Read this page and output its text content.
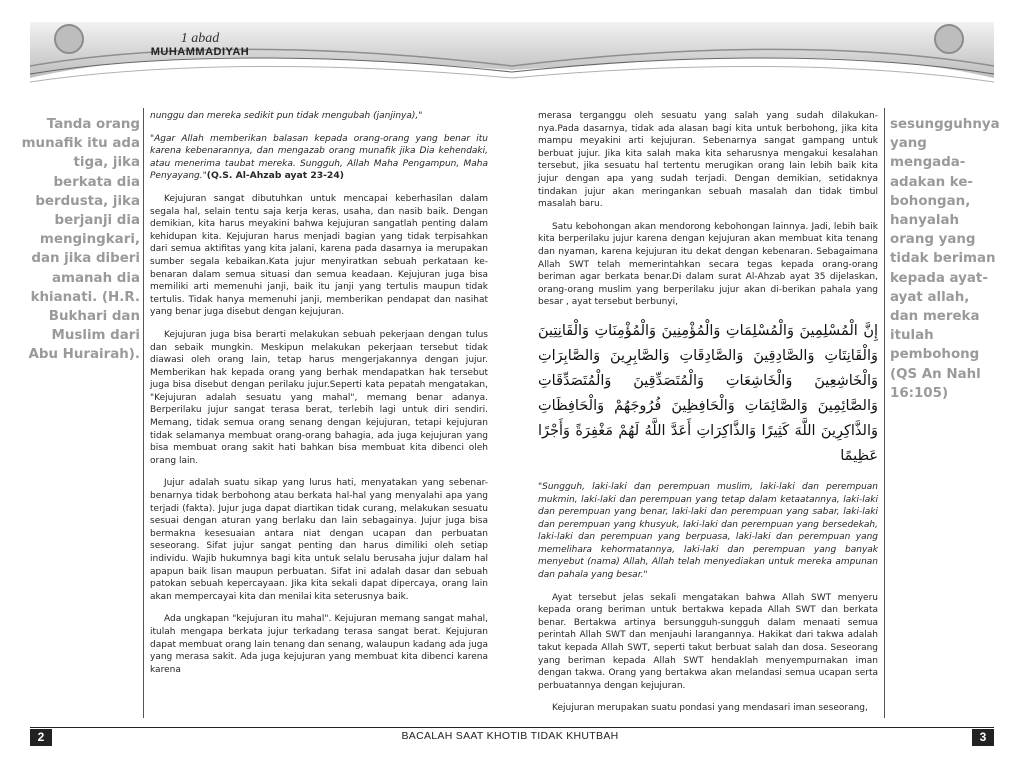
1 abad
MUHAMMADIYAH
Tanda orang munafik itu ada tiga, jika berkata dia berdusta, jika berjanji dia mengingkari, dan jika diberi amanah dia khianati. (H.R. Bukhari dan Muslim dari Abu Hurairah).
sesungguhnya yang mengada-adakan ke-bohongan, hanyalah orang yang tidak beriman kepada ayat-ayat allah, dan mereka itulah pembohong (QS An Nahl 16:105)

nunggu dan mereka sedikit pun tidak mengubah (janjinya),"

"Agar Allah memberikan balasan kepada orang-orang yang benar itu karena kebenarannya, dan mengazab orang munafik jika Dia kehendaki, atau menerima taubat mereka. Sungguh, Allah Maha Pengampun, Maha Penyayang."(Q.S. Al-Ahzab ayat 23-24)

Kejujuran sangat dibutuhkan untuk mencapai keberhasilan dalam segala hal, selain tentu saja kerja keras, usaha, dan nasib baik. Dengan demikian, kita harus meyakini bahwa kejujuran sangatlah penting dalam kehidupan kita. Kejujuran harus menjadi bagian yang tidak terpisahkan dari semua aktifitas yang kita jalani, karena pada dasarnya ia merupakan sumber segala kebaikan.Kata jujur menyiratkan sebuah perkataan ke-benaran dalam semua situasi dan semua keadaan. Kejujuran juga bisa memiliki arti memenuhi janji, baik itu janji yang tertulis maupun tidak tertulis. Tidak hanya memenuhi janji, memberikan pendapat dan nasihat yang benar juga disebut dengan kejujuran.

Kejujuran juga bisa berarti melakukan sebuah pekerjaan dengan tulus dan sebaik mungkin. Meskipun melakukan pekerjaan tersebut tidak diawasi oleh orang lain, tetap harus mengerjakannya dengan jujur. Memberikan hak kepada orang yang berhak mendapatkan hak tersebut juga bisa disebut dengan perilaku jujur.Seperti kata pepatah mengatakan, "Kejujuran adalah sesuatu yang mahal", memang benar adanya. Berperilaku jujur sangat terasa berat, terlebih lagi untuk diri sendiri. Memang, tidak semua orang senang dengan kejujuran, tetapi kejujuran tidak selamanya membuat orang-orang bahagia, ada juga kejujuran yang bisa membuat orang sakit hati bahkan bisa membuat kita dibenci oleh orang lain.

Jujur adalah suatu sikap yang lurus hati, menyatakan yang sebenar-benarnya tidak berbohong atau berkata hal-hal yang menyalahi apa yang terjadi (fakta). Jujur juga dapat diartikan tidak curang, melakukan sesuatu sesuai dengan aturan yang berlaku dan lain sebagainya. Jujur juga bisa bermakna kesesuaian antara niat dengan ucapan dan perbuatan seseorang. Sifat jujur sangat penting dan harus dimiliki oleh setiap individu. Wajib hukumnya bagi kita untuk selalu berusaha jujur dalam hal apapun baik lisan maupun perbuatan. Sifat ini adalah dasar dan sebuah patokan sebuah kepercayaan. Jika kita sekali dapat dipercaya, orang lain akan mempercayai kita dan menilai kita seterusnya baik.

Ada ungkapan "kejujuran itu mahal". Kejujuran memang sangat mahal, itulah mengapa berkata jujur terkadang terasa sangat berat. Kejujuran dapat membuat orang lain tenang dan senang, walaupun kadang ada juga yang merasa sakit. Ada juga kejujuran yang membuat kita dibenci karena karena

merasa terganggu oleh sesuatu yang salah yang sudah dilakukan-nya.Pada dasarnya, tidak ada alasan bagi kita untuk berbohong, jika kita mampu meyakini arti kejujuran. Sebenarnya sangat gampang untuk berbuat jujur. Jika kita salah maka kita seharusnya mengakui kesalahan tersebut, jika sesuatu hal tertentu merugikan orang lain lebih baik kita jujur dengan apa yang sudah terjadi. Dengan demikian, setidaknya tindakan jujur akan meringankan sebuah masalah dan tidak timbul masalah baru.

Satu kebohongan akan mendorong kebohongan lainnya. Jadi, lebih baik kita berperilaku jujur karena dengan kejujuran akan membuat kita tenang dan nyaman, karena kejujuran itu dekat dengan kebenaran. Sebagaimana Allah SWT telah memerintahkan secara tegas kepada orang-orang beriman agar berkata benar.Di dalam surat Al-Ahzab ayat 35 dijelaskan, orang-orang muslim yang berperilaku jujur akan di-berikan pahala yang besar , ayat tersebut berbunyi,

إِنَّ الْمُسْلِمِينَ وَالْمُسْلِمَاتِ وَالْمُؤْمِنِينَ وَالْمُؤْمِنَاتِ وَالْقَانِتِينَ وَالْقَانِتَاتِ وَالصَّادِقِينَ وَالصَّادِقَاتِ وَالصَّابِرِينَ وَالصَّابِرَاتِ وَالْخَاشِعِينَ وَالْخَاشِعَاتِ وَالْمُتَصَدِّقِينَ وَالْمُتَصَدِّقَاتِ وَالصَّائِمِينَ وَالصَّائِمَاتِ وَالْحَافِظِينَ فُرُوجَهُمْ وَالْحَافِظَاتِ وَالذَّاكِرِينَ اللَّهَ كَثِيرًا وَالذَّاكِرَاتِ أَعَدَّ اللَّهُ لَهُمْ مَغْفِرَةً وَأَجْرًا عَظِيمًا

"Sungguh, laki-laki dan perempuan muslim, laki-laki dan perempuan mukmin, laki-laki dan perempuan yang tetap dalam ketaatannya, laki-laki dan perempuan yang benar, laki-laki dan perempuan yang sabar, laki-laki dan perempuan yang khusyuk, laki-laki dan perempuan yang bersedekah, laki-laki dan perempuan yang berpuasa, laki-laki dan perempuan yang memelihara kehormatannya, laki-laki dan perempuan yang banyak menyebut (nama) Allah, Allah telah menyediakan untuk mereka ampunan dan pahala yang besar."

Ayat tersebut jelas sekali mengatakan bahwa Allah SWT menyeru kepada orang beriman untuk bertakwa kepada Allah SWT dan berkata benar. Bertakwa artinya bersungguh-sungguh dalam menaati semua perintah Allah SWT dan menjauhi larangannya. Hakikat dari takwa adalah takut kepada Allah SWT, seperti takut berbuat salah dan dosa. Seseorang yang beriman kepada Allah SWT hendaklah menyempurnakan iman dengan takwa. Orang yang bertakwa akan melandasi semua ucapan serta perbuatannya dengan kejujuran.

Kejujuran merupakan suatu pondasi yang mendasari iman seseorang,

2	BACALAH SAAT KHOTIB TIDAK KHUTBAH	3
